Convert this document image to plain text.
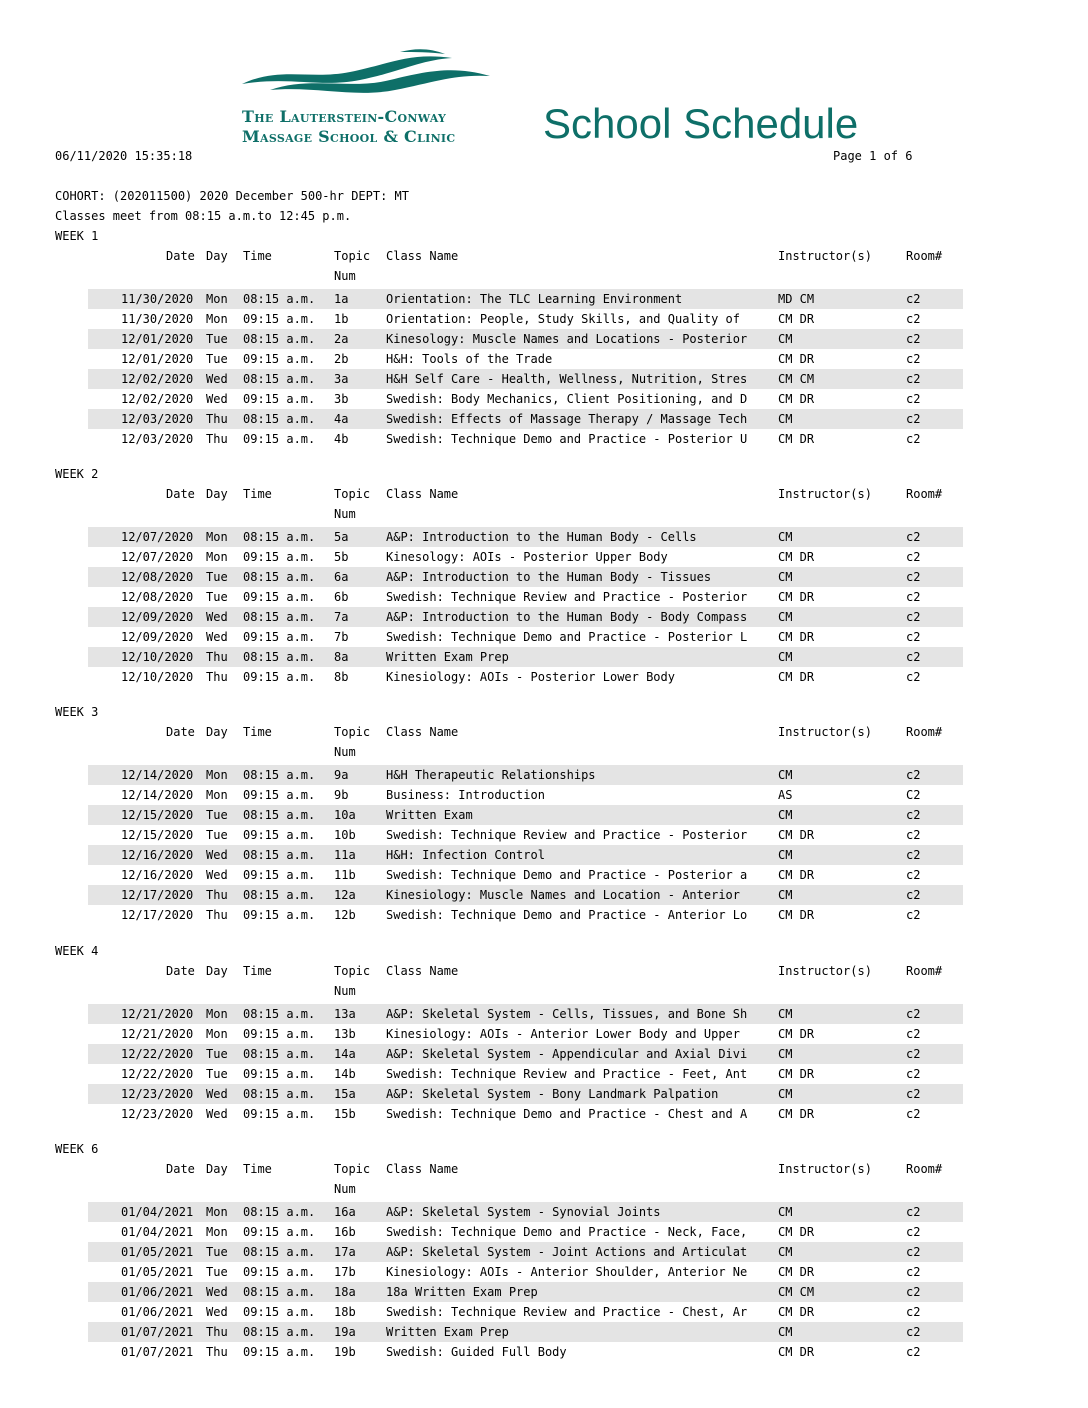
The Lauterstein-Conway
Massage School & Clinic School Schedule
06/11/2020 15:35:18	Page 1 of 6
COHORT: (202011500) 2020 December 500-hr DEPT: MT
Classes meet from 08:15 a.m.to 12:45 p.m.
WEEK 1
Date Day Time	Topic Class Name	Instructor(s)	Room#
Num
11/30/2020 Mon 08:15 a.m. 1a	Orientation: The TLC Learning Environment	MD CM	c2
11/30/2020 Mon 09:15 a.m. 1b	Orientation: People, Study Skills, and Quality of	CM DR	c2
12/01/2020 Tue 08:15 a.m. 2a	Kinesology: Muscle Names and Locations - Posterior	CM	c2
12/01/2020 Tue 09:15 a.m. 2b	H&H: Tools of the Trade	CM DR	c2
12/02/2020 Wed 08:15 a.m. 3a	H&H Self Care - Health, Wellness, Nutrition, Stres	CM CM	c2
12/02/2020 Wed 09:15 a.m. 3b	Swedish: Body Mechanics, Client Positioning, and D	CM DR	c2
12/03/2020 Thu 08:15 a.m. 4a	Swedish: Effects of Massage Therapy / Massage Tech	CM	c2
12/03/2020 Thu 09:15 a.m. 4b	Swedish: Technique Demo and Practice - Posterior U	CM DR	c2
WEEK 2
Date Day Time	Topic Class Name	Instructor(s)	Room#
Num
12/07/2020 Mon 08:15 a.m. 5a	A&P: Introduction to the Human Body - Cells	CM	c2
12/07/2020 Mon 09:15 a.m. 5b	Kinesology: AOIs - Posterior Upper Body	CM DR	c2
12/08/2020 Tue 08:15 a.m. 6a	A&P: Introduction to the Human Body - Tissues	CM	c2
12/08/2020 Tue 09:15 a.m. 6b	Swedish: Technique Review and Practice - Posterior	CM DR	c2
12/09/2020 Wed 08:15 a.m. 7a	A&P: Introduction to the Human Body - Body Compass	CM	c2
12/09/2020 Wed 09:15 a.m. 7b	Swedish: Technique Demo and Practice - Posterior L	CM DR	c2
12/10/2020 Thu 08:15 a.m. 8a	Written Exam Prep	CM	c2
12/10/2020 Thu 09:15 a.m. 8b	Kinesiology: AOIs - Posterior Lower Body	CM DR	c2
WEEK 3
Date Day Time	Topic Class Name	Instructor(s)	Room#
Num
12/14/2020 Mon 08:15 a.m. 9a	H&H Therapeutic Relationships	CM	c2
12/14/2020 Mon 09:15 a.m. 9b	Business: Introduction	AS	C2
12/15/2020 Tue 08:15 a.m. 10a	Written Exam	CM	c2
12/15/2020 Tue 09:15 a.m. 10b	Swedish: Technique Review and Practice - Posterior	CM DR	c2
12/16/2020 Wed 08:15 a.m. 11a	H&H: Infection Control	CM	c2
12/16/2020 Wed 09:15 a.m. 11b	Swedish: Technique Demo and Practice - Posterior a	CM DR	c2
12/17/2020 Thu 08:15 a.m. 12a	Kinesiology: Muscle Names and Location - Anterior	CM	c2
12/17/2020 Thu 09:15 a.m. 12b	Swedish: Technique Demo and Practice - Anterior Lo	CM DR	c2
WEEK 4
Date Day Time	Topic Class Name	Instructor(s)	Room#
Num
12/21/2020 Mon 08:15 a.m. 13a	A&P: Skeletal System - Cells, Tissues, and Bone Sh	CM	c2
12/21/2020 Mon 09:15 a.m. 13b	Kinesiology: AOIs - Anterior Lower Body and Upper	CM DR	c2
12/22/2020 Tue 08:15 a.m. 14a	A&P: Skeletal System - Appendicular and Axial Divi	CM	c2
12/22/2020 Tue 09:15 a.m. 14b	Swedish: Technique Review and Practice - Feet, Ant	CM DR	c2
12/23/2020 Wed 08:15 a.m. 15a	A&P: Skeletal System - Bony Landmark Palpation	CM	c2
12/23/2020 Wed 09:15 a.m. 15b	Swedish: Technique Demo and Practice - Chest and A	CM DR	c2
WEEK 6
Date Day Time	Topic Class Name	Instructor(s)	Room#
Num
01/04/2021 Mon 08:15 a.m. 16a	A&P: Skeletal System - Synovial Joints	CM	c2
01/04/2021 Mon 09:15 a.m. 16b	Swedish: Technique Demo and Practice - Neck, Face,	CM DR	c2
01/05/2021 Tue 08:15 a.m. 17a	A&P: Skeletal System - Joint Actions and Articulat	CM	c2
01/05/2021 Tue 09:15 a.m. 17b	Kinesiology: AOIs - Anterior Shoulder, Anterior Ne	CM DR	c2
01/06/2021 Wed 08:15 a.m. 18a	18a Written Exam Prep	CM CM	c2
01/06/2021 Wed 09:15 a.m. 18b	Swedish: Technique Review and Practice - Chest, Ar	CM DR	c2
01/07/2021 Thu 08:15 a.m. 19a	Written Exam Prep	CM	c2
01/07/2021 Thu 09:15 a.m. 19b	Swedish: Guided Full Body	CM DR	c2
